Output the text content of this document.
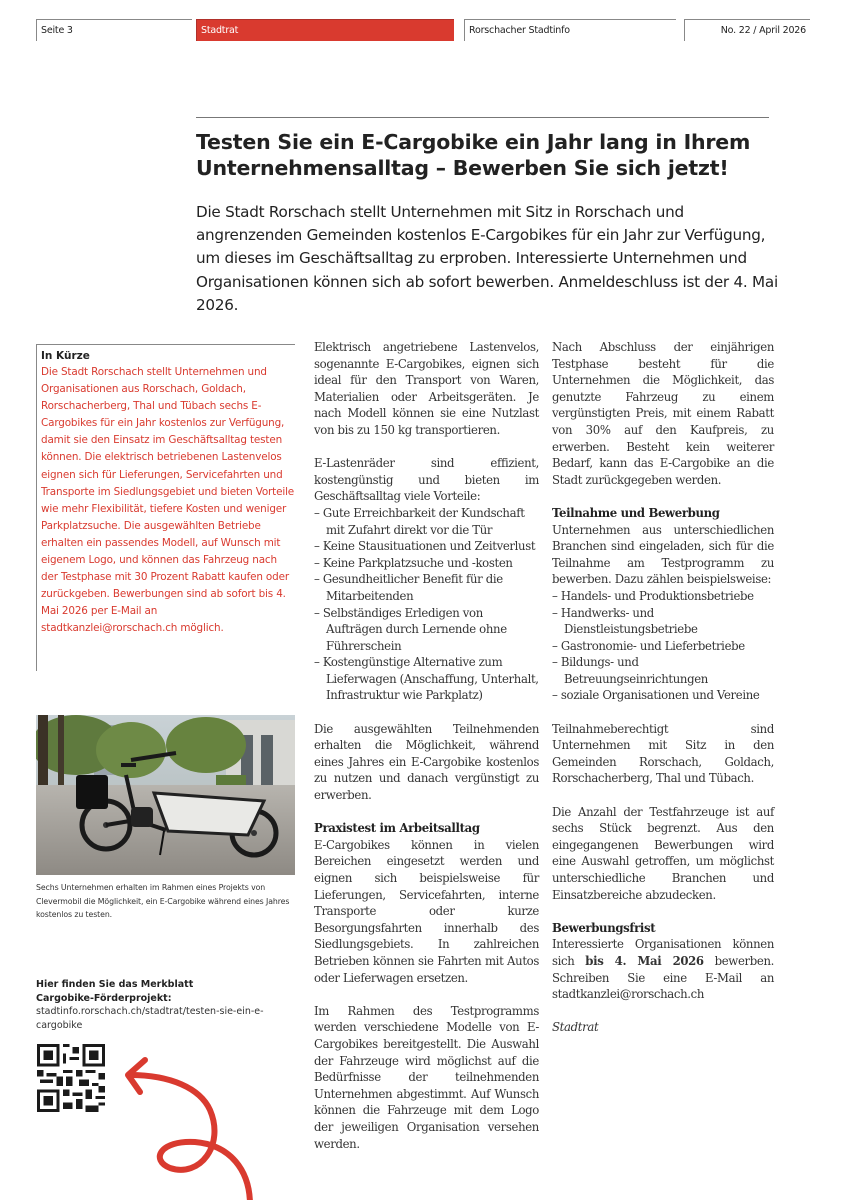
Seite 3	Stadtrat	Rorschacher Stadtinfo	No. 22 / April 2026
Testen Sie ein E-Cargobike ein Jahr lang in Ihrem Unternehmensalltag – Bewerben Sie sich jetzt!

Die Stadt Rorschach stellt Unternehmen mit Sitz in Rorschach und angrenzenden Gemeinden kostenlos E-Cargobikes für ein Jahr zur Verfügung, um dieses im Geschäftsalltag zu erproben. Interessierte Unternehmen und Organisationen können sich ab sofort bewerben. Anmeldeschluss ist der 4. Mai 2026.

In Kürze

Die Stadt Rorschach stellt Unternehmen und Organisationen aus Rorschach, Goldach, Rorschacherberg, Thal und Tübach sechs E-Cargobikes für ein Jahr kostenlos zur Verfügung, damit sie den Einsatz im Geschäftsalltag testen können. Die elektrisch betriebenen Lastenvelos eignen sich für Lieferungen, Servicefahrten und Transporte im Siedlungsgebiet und bieten Vorteile wie mehr Flexibilität, tiefere Kosten und weniger Parkplatzsuche. Die ausgewählten Betriebe erhalten ein passendes Modell, auf Wunsch mit eigenem Logo, und können das Fahrzeug nach der Testphase mit 30 Prozent Rabatt kaufen oder zurückgeben. Bewerbungen sind ab sofort bis 4. Mai 2026 per E-Mail an stadtkanzlei@rorschach.ch möglich.

Sechs Unternehmen erhalten im Rahmen eines Projekts von Clevermobil die Möglichkeit, ein E-Cargobike während eines Jahres kostenlos zu testen.

Hier finden Sie das Merkblatt
Cargobike-Förderprojekt:
stadtinfo.rorschach.ch/stadtrat/testen-sie-ein-e-cargobike

Elektrisch angetriebene Lastenvelos, sogenannte E-Cargobikes, eignen sich ideal für den Transport von Waren, Materialien oder Arbeitsgeräten. Je nach Modell können sie eine Nutzlast von bis zu 150 kg transportieren.

E-Lastenräder sind effizient, kostengünstig und bieten im Geschäftsalltag viele Vorteile:

– Gute Erreichbarkeit der Kundschaft mit Zufahrt direkt vor die Tür
– Keine Stausituationen und Zeitverlust
– Keine Parkplatzsuche und -kosten
– Gesundheitlicher Benefit für die Mitarbeitenden
– Selbständiges Erledigen von Aufträgen durch Lernende ohne Führerschein
– Kostengünstige Alternative zum Lieferwagen (Anschaffung, Unterhalt, Infrastruktur wie Parkplatz)

Die ausgewählten Teilnehmenden erhalten die Möglichkeit, während eines Jahres ein E-Cargobike kostenlos zu nutzen und danach vergünstigt zu erwerben.

Praxistest im Arbeitsalltag

E-Cargobikes können in vielen Bereichen eingesetzt werden und eignen sich beispielsweise für Lieferungen, Servicefahrten, interne Transporte oder kurze Besorgungsfahrten innerhalb des Siedlungsgebiets. In zahlreichen Betrieben können sie Fahrten mit Autos oder Lieferwagen ersetzen.

Im Rahmen des Testprogramms werden verschiedene Modelle von E-Cargobikes bereitgestellt. Die Auswahl der Fahrzeuge wird möglichst auf die Bedürfnisse der teilnehmenden Unternehmen abgestimmt. Auf Wunsch können die Fahrzeuge mit dem Logo der jeweiligen Organisation versehen werden.

Nach Abschluss der einjährigen Testphase besteht für die Unternehmen die Möglichkeit, das genutzte Fahrzeug zu einem vergünstigten Preis, mit einem Rabatt von 30% auf den Kaufpreis, zu erwerben. Besteht kein weiterer Bedarf, kann das E-Cargobike an die Stadt zurückgegeben werden.

Teilnahme und Bewerbung

Unternehmen aus unterschiedlichen Branchen sind eingeladen, sich für die Teilnahme am Testprogramm zu bewerben. Dazu zählen beispielsweise:

– Handels- und Produktionsbetriebe
– Handwerks- und Dienstleistungsbetriebe
– Gastronomie- und Lieferbetriebe
– Bildungs- und Betreuungseinrichtungen
– soziale Organisationen und Vereine

Teilnahmeberechtigt sind Unternehmen mit Sitz in den Gemeinden Rorschach, Goldach, Rorschacherberg, Thal und Tübach.

Die Anzahl der Testfahrzeuge ist auf sechs Stück begrenzt. Aus den eingegangenen Bewerbungen wird eine Auswahl getroffen, um möglichst unterschiedliche Branchen und Einsatzbereiche abzudecken.

Bewerbungsfrist

Interessierte Organisationen können sich bis 4. Mai 2026 bewerben. Schreiben Sie eine E-Mail an stadtkanzlei@rorschach.ch

Stadtrat
